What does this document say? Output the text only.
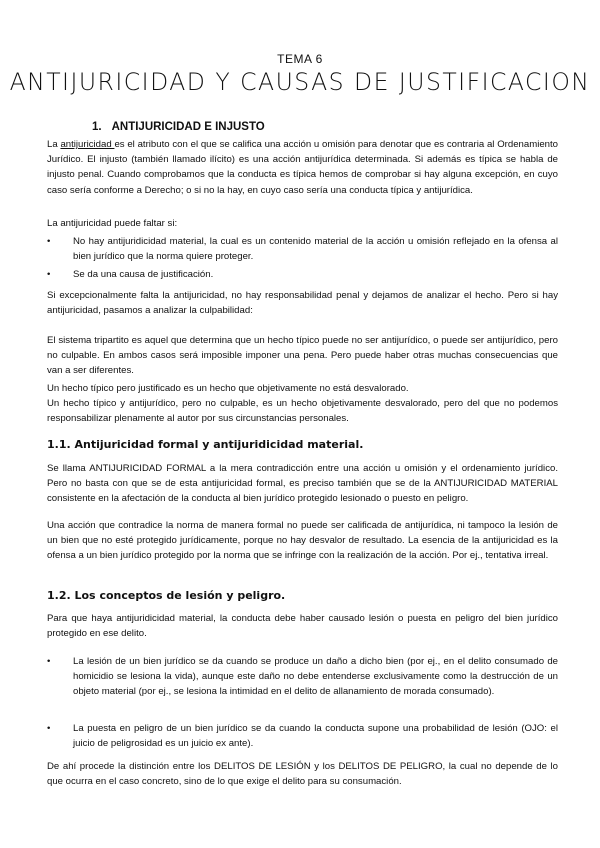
TEMA 6
ANTIJURICIDAD Y CAUSAS DE JUSTIFICACION
1. ANTIJURICIDAD E INJUSTO
La antijuricidad es el atributo con el que se califica una acción u omisión para denotar que es contraria al Ordenamiento Jurídico. El injusto (también llamado ilícito) es una acción antijurídica determinada. Si además es típica se habla de injusto penal. Cuando comprobamos que la conducta es típica hemos de comprobar si hay alguna excepción, en cuyo caso sería conforme a Derecho; o si no la hay, en cuyo caso sería una conducta típica y antijurídica.
La antijuricidad puede faltar si:
• No hay antijuridicidad material, la cual es un contenido material de la acción u omisión reflejado en la ofensa al bien jurídico que la norma quiere proteger.
• Se da una causa de justificación.
Si excepcionalmente falta la antijuricidad, no hay responsabilidad penal y dejamos de analizar el hecho. Pero si hay antijuricidad, pasamos a analizar la culpabilidad:
El sistema tripartito es aquel que determina que un hecho típico puede no ser antijurídico, o puede ser antijurídico, pero no culpable. En ambos casos será imposible imponer una pena. Pero puede haber otras muchas consecuencias que van a ser diferentes.
Un hecho típico pero justificado es un hecho que objetivamente no está desvalorado.
Un hecho típico y antijurídico, pero no culpable, es un hecho objetivamente desvalorado, pero del que no podemos responsabilizar plenamente al autor por sus circunstancias personales.
1.1. Antijuricidad formal y antijuridicidad material.
Se llama ANTIJURICIDAD FORMAL a la mera contradicción entre una acción u omisión y el ordenamiento jurídico. Pero no basta con que se de esta antijuricidad formal, es preciso también que se de la ANTIJURICIDAD MATERIAL consistente en la afectación de la conducta al bien jurídico protegido lesionado o puesto en peligro.
Una acción que contradice la norma de manera formal no puede ser calificada de antijurídica, ni tampoco la lesión de un bien que no esté protegido jurídicamente, porque no hay desvalor de resultado. La esencia de la antijuricidad es la ofensa a un bien jurídico protegido por la norma que se infringe con la realización de la acción. Por ej., tentativa irreal.
1.2. Los conceptos de lesión y peligro.
Para que haya antijuridicidad material, la conducta debe haber causado lesión o puesta en peligro del bien jurídico protegido en ese delito.
• La lesión de un bien jurídico se da cuando se produce un daño a dicho bien (por ej., en el delito consumado de homicidio se lesiona la vida), aunque este daño no debe entenderse exclusivamente como la destrucción de un objeto material (por ej., se lesiona la intimidad en el delito de allanamiento de morada consumado).
• La puesta en peligro de un bien jurídico se da cuando la conducta supone una probabilidad de lesión (OJO: el juicio de peligrosidad es un juicio ex ante).
De ahí procede la distinción entre los DELITOS DE LESIÓN y los DELITOS DE PELIGRO, la cual no depende de lo que ocurra en el caso concreto, sino de lo que exige el delito para su consumación.
